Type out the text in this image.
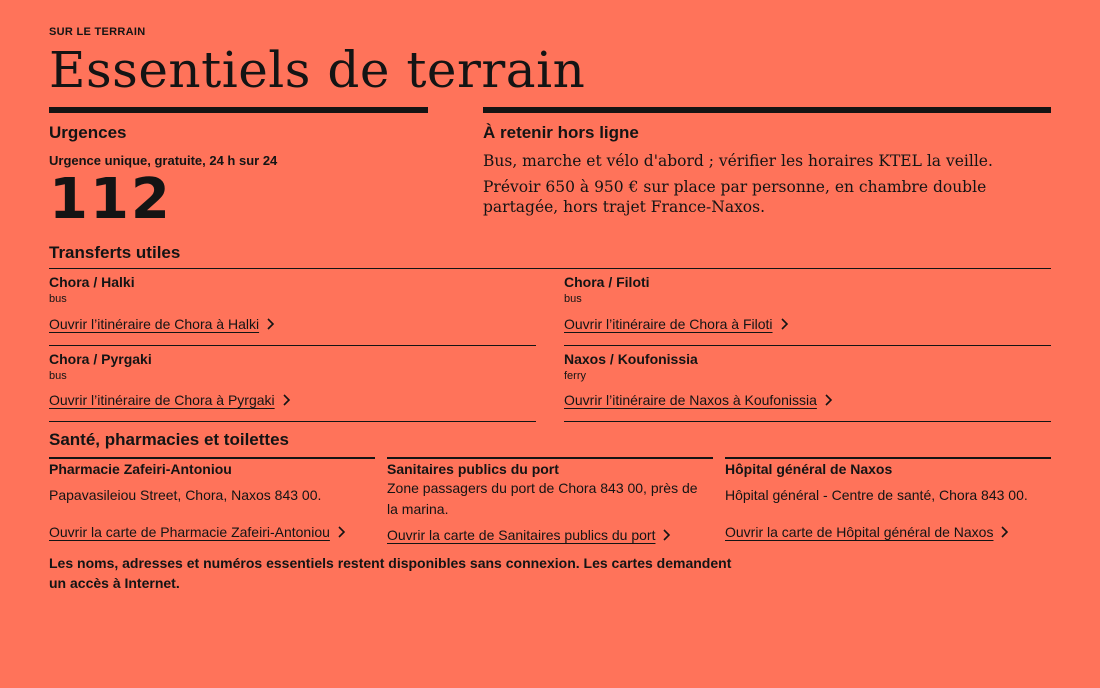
SUR LE TERRAIN
Essentiels de terrain
Urgences
Urgence unique, gratuite, 24 h sur 24
112
À retenir hors ligne

Bus, marche et vélo d'abord ; vérifier les horaires KTEL la veille.

Prévoir 650 à 950 € sur place par personne, en chambre double partagée, hors trajet France-Naxos.

Transferts utiles
Chora / Halki
bus
Ouvrir l’itinéraire de Chora à Halki
Chora / Filoti
bus
Ouvrir l’itinéraire de Chora à Filoti
Chora / Pyrgaki
bus
Ouvrir l’itinéraire de Chora à Pyrgaki
Naxos / Koufonissia
ferry
Ouvrir l’itinéraire de Naxos à Koufonissia
Santé, pharmacies et toilettes
Pharmacie Zafeiri-Antoniou
Papavasileiou Street, Chora, Naxos 843 00.
Ouvrir la carte de Pharmacie Zafeiri-Antoniou
Sanitaires publics du port
Zone passagers du port de Chora 843 00, près de la marina.
Ouvrir la carte de Sanitaires publics du port
Hôpital général de Naxos
Hôpital général - Centre de santé, Chora 843 00.
Ouvrir la carte de Hôpital général de Naxos

Les noms, adresses et numéros essentiels restent disponibles sans connexion. Les cartes demandent un accès à Internet.
